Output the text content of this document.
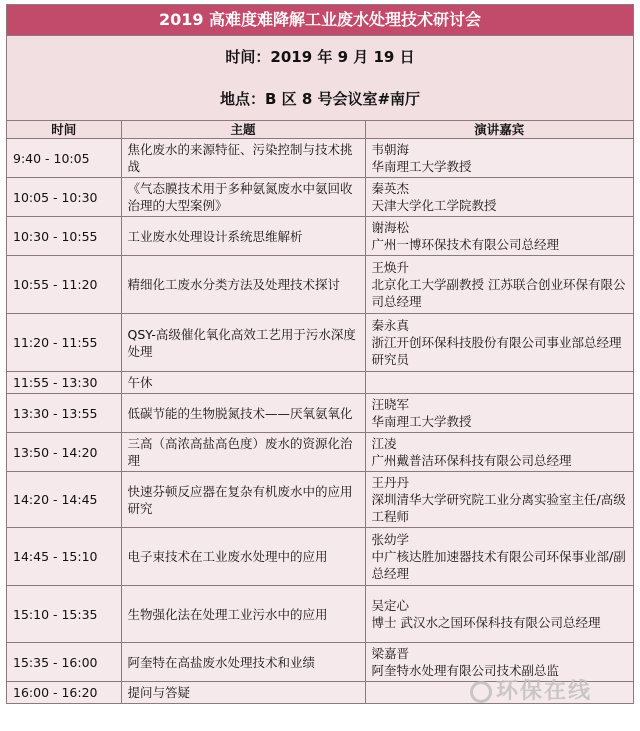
2019 高难度难降解工业废水处理技术研讨会
时间：2019 年 9 月 19 日
地点：B 区 8 号会议室#南厅
时间	主题	演讲嘉宾
9:40 - 10:05	焦化废水的来源特征、污染控制与技术挑战	韦朝海
华南理工大学教授
10:05 - 10:30	《气态膜技术用于多种氨氮废水中氨回收治理的大型案例》	秦英杰
天津大学化工学院教授
10:30 - 10:55	工业废水处理设计系统思维解析	谢海松
广州一博环保技术有限公司总经理
10:55 - 11:20	精细化工废水分类方法及处理技术探讨	王焕升
北京化工大学副教授 江苏联合创业环保有限公司总经理
11:20 - 11:55	QSY-高级催化氧化高效工艺用于污水深度处理	秦永真
浙江开创环保科技股份有限公司事业部总经理研究员
11:55 - 13:30	午休	
13:30 - 13:55	低碳节能的生物脱氮技术——厌氧氨氧化	汪晓军
华南理工大学教授
13:50 - 14:20	三高（高浓高盐高色度）废水的资源化治理	江凌
广州戴普洁环保科技有限公司总经理
14:20 - 14:45	快速芬顿反应器在复杂有机废水中的应用研究	王丹丹
深圳清华大学研究院工业分离实验室主任/高级工程师
14:45 - 15:10	电子束技术在工业废水处理中的应用	张幼学
中广核达胜加速器技术有限公司环保事业部/副总经理
15:10 - 15:35	生物强化法在处理工业污水中的应用	吴定心
博士 武汉水之国环保科技有限公司总经理
15:35 - 16:00	阿奎特在高盐废水处理技术和业绩	梁嘉晋
阿奎特水处理有限公司技术副总监
16:00 - 16:20	提问与答疑		环保在线
